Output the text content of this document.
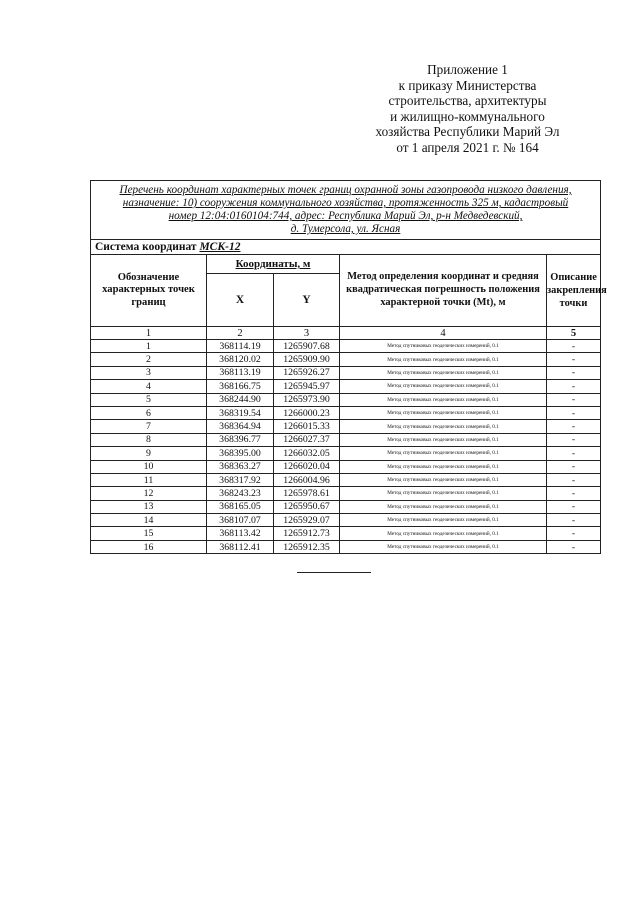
Приложение 1
к приказу Министерства
строительства, архитектуры
и жилищно-коммунального
хозяйства Республики Марий Эл
от 1 апреля 2021 г. № 164
Перечень координат характерных точек границ охранной зоны газопровода низкого давления,
назначение: 10) сооружения коммунального хозяйства, протяженность 325 м, кадастровый
номер 12:04:0160104:744, адрес: Республика Марий Эл, р-н Медведевский,
д. Тумерсола, ул. Ясная				

Система координат МСК-12				
Обозначение характерных точек границ	Координаты, м		Метод определения координат и средняя квадратическая погрешность положения характерной точки (Mt), м	Описание закрепления точки
	X	Y		
1	2	3	4	5
1	368114.19	1265907.68	Метод спутниковых геодезических измерений, 0.1	-
2	368120.02	1265909.90	Метод спутниковых геодезических измерений, 0.1	-
3	368113.19	1265926.27	Метод спутниковых геодезических измерений, 0.1	-
4	368166.75	1265945.97	Метод спутниковых геодезических измерений, 0.1	-
5	368244.90	1265973.90	Метод спутниковых геодезических измерений, 0.1	-
6	368319.54	1266000.23	Метод спутниковых геодезических измерений, 0.1	-
7	368364.94	1266015.33	Метод спутниковых геодезических измерений, 0.1	-
8	368396.77	1266027.37	Метод спутниковых геодезических измерений, 0.1	-
9	368395.00	1266032.05	Метод спутниковых геодезических измерений, 0.1	-
10	368363.27	1266020.04	Метод спутниковых геодезических измерений, 0.1	-
11	368317.92	1266004.96	Метод спутниковых геодезических измерений, 0.1	-
12	368243.23	1265978.61	Метод спутниковых геодезических измерений, 0.1	-
13	368165.05	1265950.67	Метод спутниковых геодезических измерений, 0.1	-
14	368107.07	1265929.07	Метод спутниковых геодезических измерений, 0.1	-
15	368113.42	1265912.73	Метод спутниковых геодезических измерений, 0.1	-
16	368112.41	1265912.35	Метод спутниковых геодезических измерений, 0.1	-
